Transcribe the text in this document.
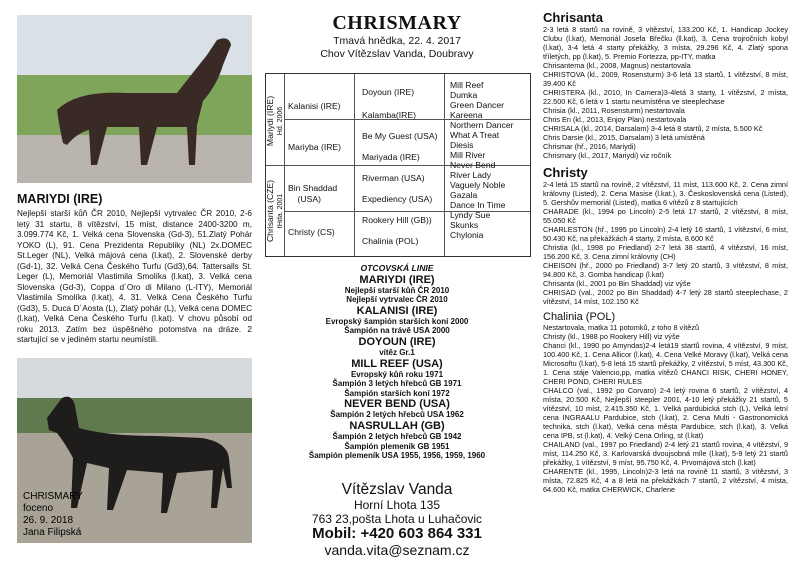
CHRISMARY
foceno
26. 9. 2018
Jana Filipská

MARIYDI (IRE)

Nejlepší starší kůň ČR 2010, Nejlepší vytrvalec ČR 2010, 2-6 letý 31 startu, 8 vítězství, 15 míst, distance 2400-3200 m, 3.099.774 Kč, 1. Velká cena Slovenska (Gd-3), 51.Zlatý Pohár YOKO (L), 91. Cena Prezidenta Republiky (NL) 2x.DOMEC St.Leger (NL), Velká májová cena (l.kat), 2. Slovenské derby (Gd-1), 32. Velká Cena Českého Turfu (Gd3),64. Tattersalls St. Leger (L), Memoriál Vlastimila Smolíka (l.kat), 3. Velká cena Slovenska (Gd-3), Coppa d´Oro di Milano (L-ITY), Memoriál Vlastimila Smolíka (l.kat), 4. 31. Velká Cena Českého Turfu (Gd3), 5. Duca D´Aosta (L), Zlatý pohár (L), Velká cena DOMEC (l.kat), Velká Cena Českého Turfu (l.kat). V chovu působí od roku 2013. Zatím bez úspěšného potomstva na dráze. 2 startující se v jediném startu neumístili.

CHRISMARY
Tmavá hnědka, 22. 4. 2017
Chov Vítězslav Vanda, Doubravy
Mariydi (IRE) Hd. 2006
Chrisanta (CZE) tHda. 2001
Kalanisi (IRE)
Mariyba (IRE)
Bin Shaddad
(USA)
Christy (CS)
Doyoun (IRE)
Kalamba(IRE)
Be My Guest (USA)
Mariyada (IRE)
Riverman (USA)
Expediency (USA)
Rookery Hill (GB))
Chalinia (POL)
Mill Reef
Dumka
Green Dancer
Kareena
Northern Dancer
What A Treat
Diesis
Mill River
Never Bend
River Lady
Vaguely Noble
Gazala
Dance In Time
Lyndy Sue
Skunks
Chylonia
OTCOVSKÁ LINIE
MARIYDI (IRE)
Nejlepší starší kůň ČR 2010
Nejlepší vytrvalec ČR 2010
KALANISI (IRE)
Evropský šampión starších koní 2000
Šampión na trávě USA 2000
DOYOUN (IRE)
vítěz Gr.1
MILL REEF (USA)
Evropský kůň roku 1971
Šampión 3 letých hřebců GB 1971
Šampión starších koní 1972
NEVER BEND (USA)
Šampión 2 letých hřebců USA 1962
NASRULLAH (GB)
Šampión 2 letých hřebců GB 1942
Šampión plemeník GB 1951
Šampión plemeník USA 1955, 1956, 1959, 1960
Vítězslav Vanda
Horní Lhota 135
763 23,pošta Lhota u Luhačovic
Mobil: +420 603 864 331
vanda.vita@seznam.cz

Chrisanta

2-3 letá 8 startů na rovině, 3 vítězství, 133.200 Kč, 1. Handicap Jockey Clubu (l.kat), Memoriál Josefa Břečku (ll.kat), 3. Cena trojročních kobyl (l.kat), 3-4 letá 4 starty překážky, 3 místa, 29.296 Kč, 4. Zlatý spona tříletých, pp (l.kat), 5. Premio Fortezza, pp-ITY, matka

Chrisantema (kl., 2008, Magnus) nestartovala
CHRISTOVA (kl., 2009, Rosensturm) 3-6 letá 13 startů, 1 vítězství, 8 míst, 39.400 Kč
CHRISTERA (kl., 2010, In Camera)3-4letá 3 starty, 1 vítězství, 2 místa, 22.500 Kč, 6 letá v 1 startu neumístěna ve steeplechase
Chrisia (kl., 2011, Rosensturm) nestartovala
Chris En (kl., 2013, Enjoy Plan) nestartovala
CHRISALA (kl., 2014, Darsalam) 3-4 letá 8 startů, 2 místa, 5.500 Kč
Chris Darsie (kl., 2015, Darsalam) 3 letá umístěná
Chrismar (hř., 2016, Mariydi)
Chrismary (kl., 2017, Mariydi) viz ročník

Christy

2-4 letá 15 startů na rovině, 2 vítězství, 11 míst, 113.600 Kč, 2. Cena zimní královny (Listed), 2. Cena Masise (l.kat.), 3. Československá cena (Listed), 5. Gershův memoriál (Listed), matka 6 vítězů z 8 startujících

CHARADE (kl., 1994 po Lincoln) 2-5 letá 17 startů, 2 vítězství, 8 míst, 55.050 Kč
CHARLESTON (hř., 1995 po Lincoln) 2-4 letý 16 startů, 1 vítězství, 6 míst, 50.430 Kč, na překážkách 4 starty, 2 místa, 8.600 Kč
Christia (kl., 1998 po Friedland) 2-7 letá 38 startů, 4 vítězství, 16 míst, 156.200 Kč, 3. Cena zimní královny (CH)
CHEISON (hř., 2000 po Friedland) 3-7 letý 20 startů, 3 vítězství, 8 míst, 94.800 Kč, 3. Gomba handicap (l.kat)
Chrisanta (kl., 2001 po Bin Shaddad) viz výše
CHRISAD (val., 2002 po Bin Shaddad) 4-7 letý 28 startů steeplechase, 2 vítězství, 14 míst, 102.150 Kč

Chalinia (POL)

Nestartovala, matka 11 potomků, z toho 8 vítězů

Christy (kl., 1988 po Rookery Hill) viz výše
Chanci (kl., 1990 po Amyndas)2-4 letá19 startů rovina, 4 vítězství, 9 míst, 100.400 Kč, 1. Cena Allicor (l.kat), 4. Cena Velké Moravy (l.kat), Velká cena Microsoftu (l.kat), 5-8 letá 15 startů překážky, 2 vítězství, 5 míst, 43.300 Kč, 1. Cena stáje Valencio,pp, matka vítězů CHANCI RISK, CHERI HONEY, CHERI POND, CHERI RULES
CHALCO (val., 1992 po Corvaro) 2-4 letý rovina 6 startů, 2 vítězství, 4 místa, 20.500 Kč, Nejlepší steepler 2001, 4-10 letý překážky 21 startů, 5 vítězství, 10 míst, 2.415.350 Kč, 1. Velká pardubická stch (L), Velká letní cena INGRAALU Pardubice, stch (l.kat), 2. Cena Multi - Gastronomická technika, stch (l.kat), Velká cena města Pardubice, stch (l.kat), 3. Velká cena IPB, st (l.kat), 4. Velký Cena Orling, st (l.kat)
CHAILAND (val., 1997 po Friedland) 2-4 letý 21 startů rovina, 4 vítězství, 9 míst, 114.250 Kč, 3. Karlovarská dvoujsobná míle (l.kat), 5-9 letý 21 startů překážky, 1 vítězství, 9 míst, 95.750 Kč, 4. Prvomájová stch (l.kat)
CHARENTE (kl., 1995, Lincoln)2-3 letá na rovině 11 startů, 3 vítězství, 3 místa, 72.825 Kč, 4 a 8 letá na překážkách 7 startů, 2 vítězství, 4 místa, 64.600 Kč, matka CHERWICK, Charlene
